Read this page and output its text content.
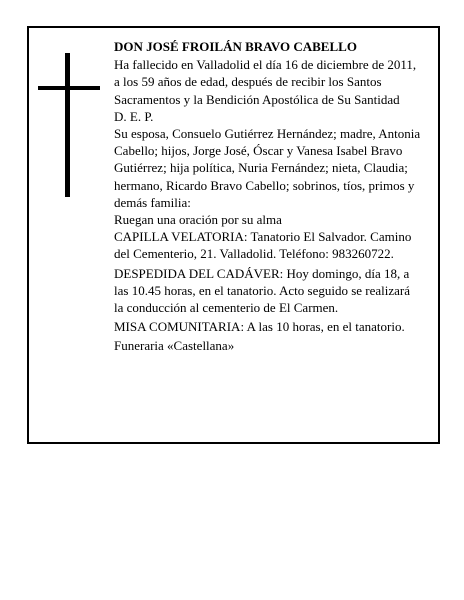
DON JOSÉ FROILÁN BRAVO CABELLO

Ha fallecido en Valladolid el día 16 de diciembre de 2011, a los 59 años de edad, después de recibir los Santos Sacramentos y la Bendición Apostólica de Su Santidad

D. E. P.

Su esposa, Consuelo Gutiérrez Hernández; madre, Antonia Cabello; hijos, Jorge José, Óscar y Vanesa Isabel Bravo Gutiérrez; hija política, Nuria Fernández; nieta, Claudia; hermano, Ricardo Bravo Cabello; sobrinos, tíos, primos y demás familia:

Ruegan una oración por su alma

CAPILLA VELATORIA: Tanatorio El Salvador. Camino del Cementerio, 21. Valladolid. Teléfono: 983260722.

DESPEDIDA DEL CADÁVER: Hoy domingo, día 18, a las 10.45 horas, en el tanatorio. Acto seguido se realizará la conducción al cementerio de El Carmen.

MISA COMUNITARIA: A las 10 horas, en el tanatorio.

Funeraria «Castellana»
